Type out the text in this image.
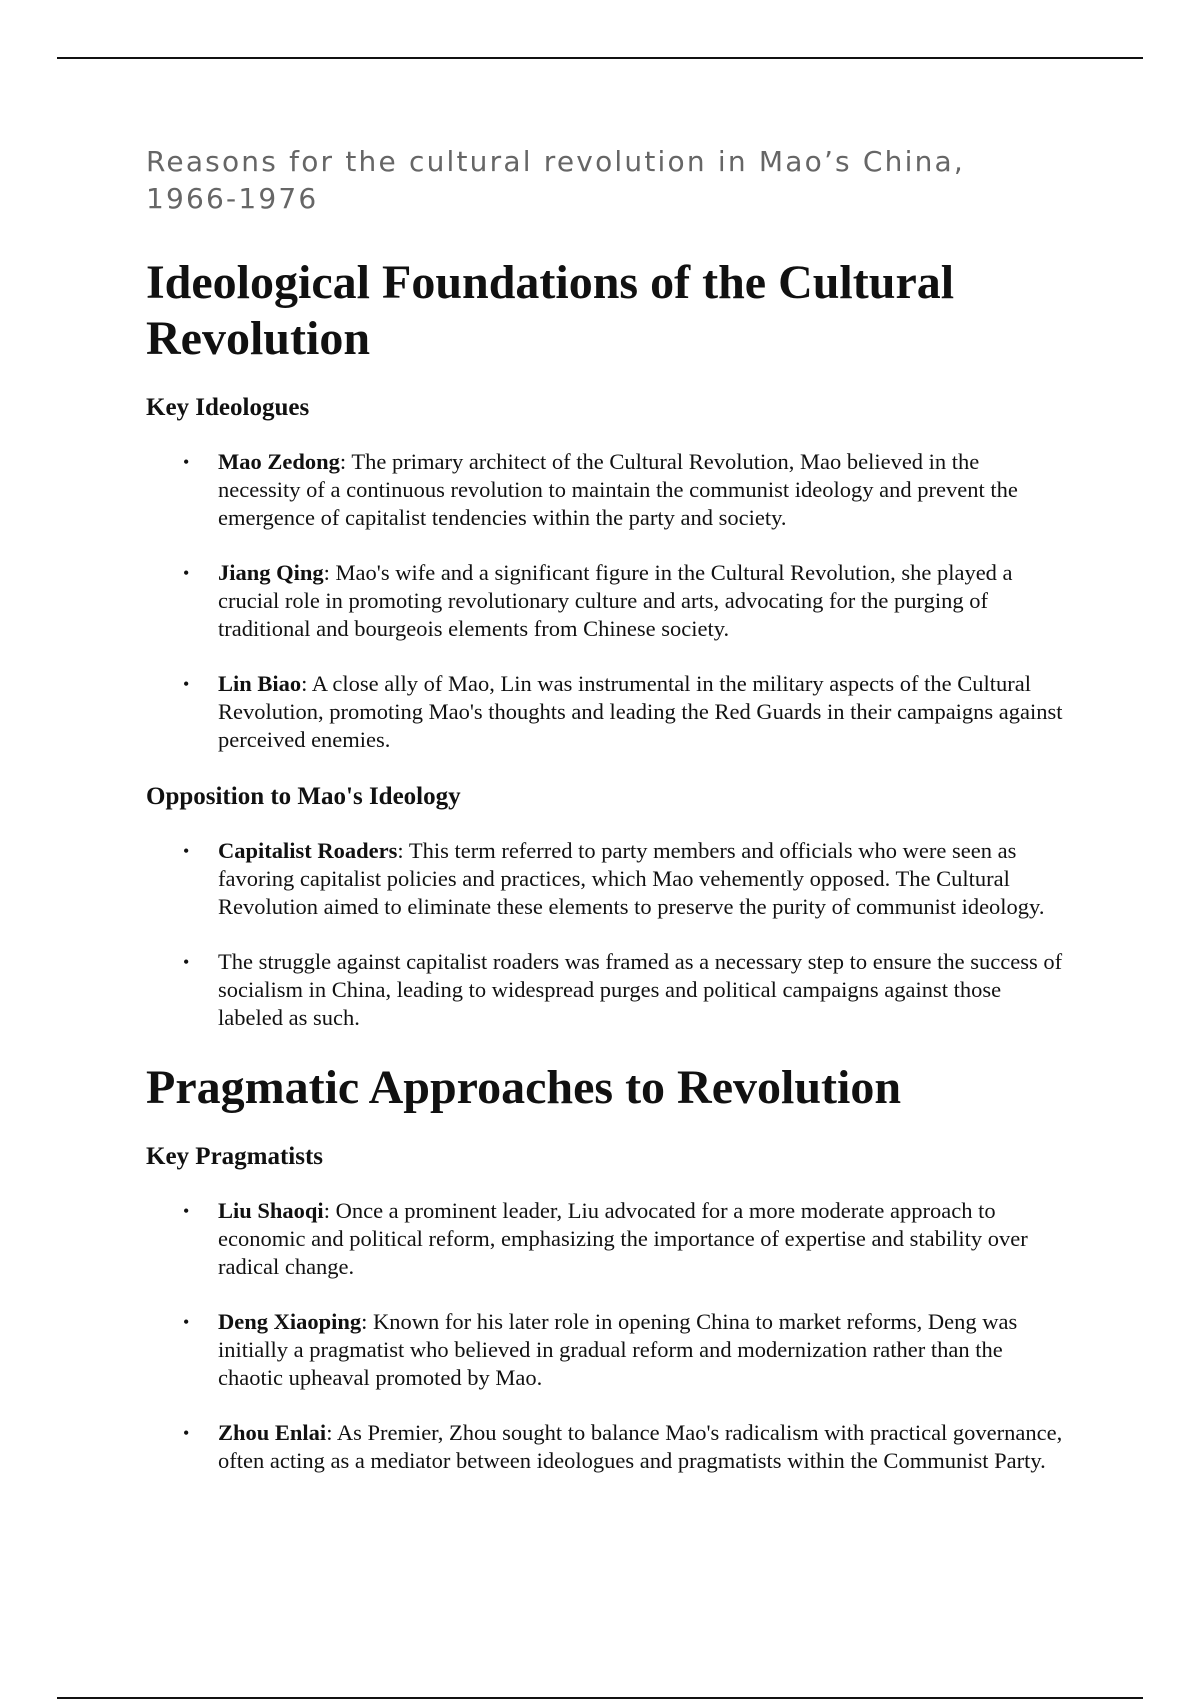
Reasons for the cultural revolution in Mao’s China, 1966-1976

Ideological Foundations of the Cultural Revolution
Key Ideologues
• Mao Zedong: The primary architect of the Cultural Revolution, Mao believed in the necessity of a continuous revolution to maintain the communist ideology and prevent the emergence of capitalist tendencies within the party and society.
• Jiang Qing: Mao's wife and a significant figure in the Cultural Revolution, she played a crucial role in promoting revolutionary culture and arts, advocating for the purging of traditional and bourgeois elements from Chinese society.
• Lin Biao: A close ally of Mao, Lin was instrumental in the military aspects of the Cultural Revolution, promoting Mao's thoughts and leading the Red Guards in their campaigns against perceived enemies.
Opposition to Mao's Ideology
• Capitalist Roaders: This term referred to party members and officials who were seen as favoring capitalist policies and practices, which Mao vehemently opposed. The Cultural Revolution aimed to eliminate these elements to preserve the purity of communist ideology.
• The struggle against capitalist roaders was framed as a necessary step to ensure the success of socialism in China, leading to widespread purges and political campaigns against those labeled as such.
Pragmatic Approaches to Revolution
Key Pragmatists
• Liu Shaoqi: Once a prominent leader, Liu advocated for a more moderate approach to economic and political reform, emphasizing the importance of expertise and stability over radical change.
• Deng Xiaoping: Known for his later role in opening China to market reforms, Deng was initially a pragmatist who believed in gradual reform and modernization rather than the chaotic upheaval promoted by Mao.
• Zhou Enlai: As Premier, Zhou sought to balance Mao's radicalism with practical governance, often acting as a mediator between ideologues and pragmatists within the Communist Party.
